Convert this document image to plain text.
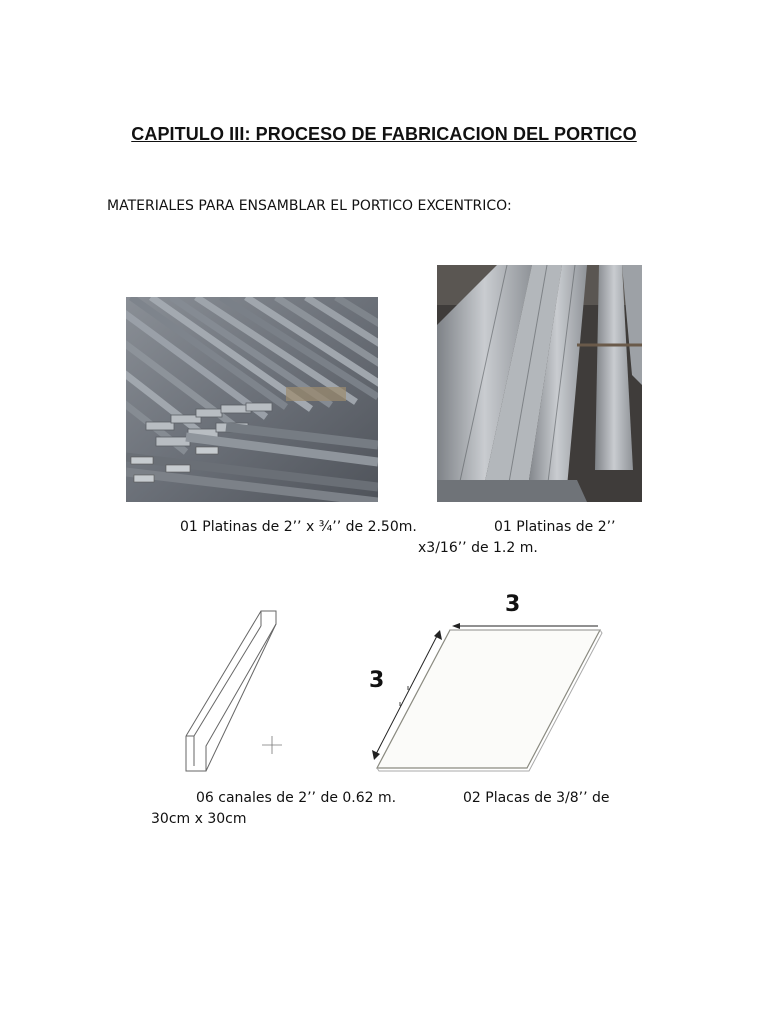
CAPITULO III: PROCESO DE FABRICACION DEL PORTICO
MATERIALES PARA ENSAMBLAR EL PORTICO EXCENTRICO:
01 Platinas de 2’’ x ¾’’ de 2.50m.	01 Platinas de 2’’
x3/16’’ de 1.2 m.
3
3
06 canales de 2’’ de 0.62 m.	02 Placas de 3/8’’ de
30cm x 30cm
